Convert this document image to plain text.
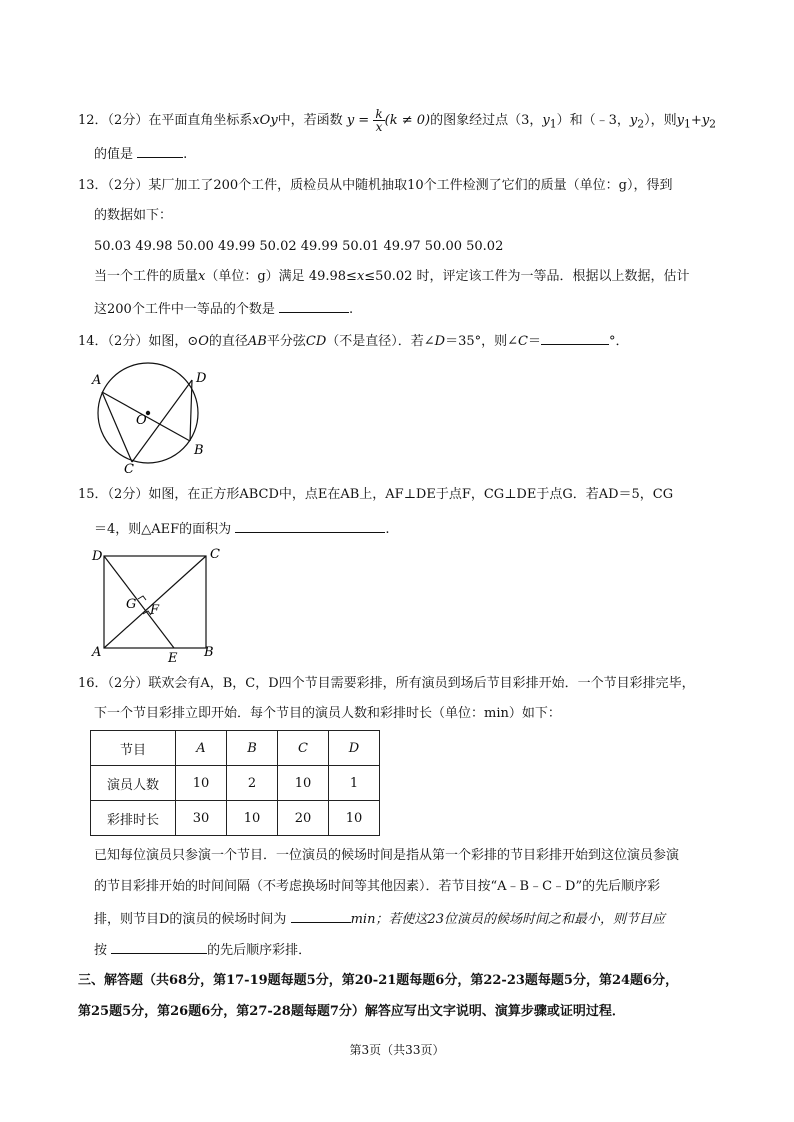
12．（2分）在平面直角坐标系xOy中，若函数 $y = \frac{k}{x} (k \ne 0)$的图象经过点（3，$y_1$）和（﹣3，$y_2$），则$y_1+y_2$
的值是	.
13．（2分）某厂加工了200个工件，质检员从中随机抽取10个工件检测了它们的质量（单位：g），得到
的数据如下：
50.03 49.98 50.00 49.99 50.02 49.99 50.01 49.97 50.00 50.02
当一个工件的质量x（单位：g）满足 49.98≤x≤50.02 时，评定该工件为一等品．根据以上数据，估计
这200个工件中一等品的个数是	.
14．（2分）如图，⊙O的直径AB平分弦CD（不是直径）．若∠D＝35°，则∠C＝	°．
A	D
O
B
C
15．（2分）如图，在正方形ABCD中，点E在AB上，AF⊥DE于点F，CG⊥DE于点G．若AD＝5，CG
＝4，则△AEF的面积为	.
D	C
G F
A	E B
16．（2分）联欢会有A，B，C，D四个节目需要彩排，所有演员到场后节目彩排开始．一个节目彩排完毕，
下一个节目彩排立即开始．每个节目的演员人数和彩排时长（单位：min）如下：
节目	A	B	C	D
演员人数	10	2	10	1
彩排时长	30	10	20	10
已知每位演员只参演一个节目．一位演员的候场时间是指从第一个彩排的节目彩排开始到这位演员参演
的节目彩排开始的时间间隔（不考虑换场时间等其他因素）．若节目按“A﹣B﹣C﹣D”的先后顺序彩
排，则节目D的演员的候场时间为	min；若使这23位演员的候场时间之和最小，则节目应
按	的先后顺序彩排．
三、解答题（共68分，第17-19题每题5分，第20-21题每题6分，第22-23题每题5分，第24题6分，
第25题5分，第26题6分，第27-28题每题7分）解答应写出文字说明、演算步骤或证明过程．
第3页（共33页）
